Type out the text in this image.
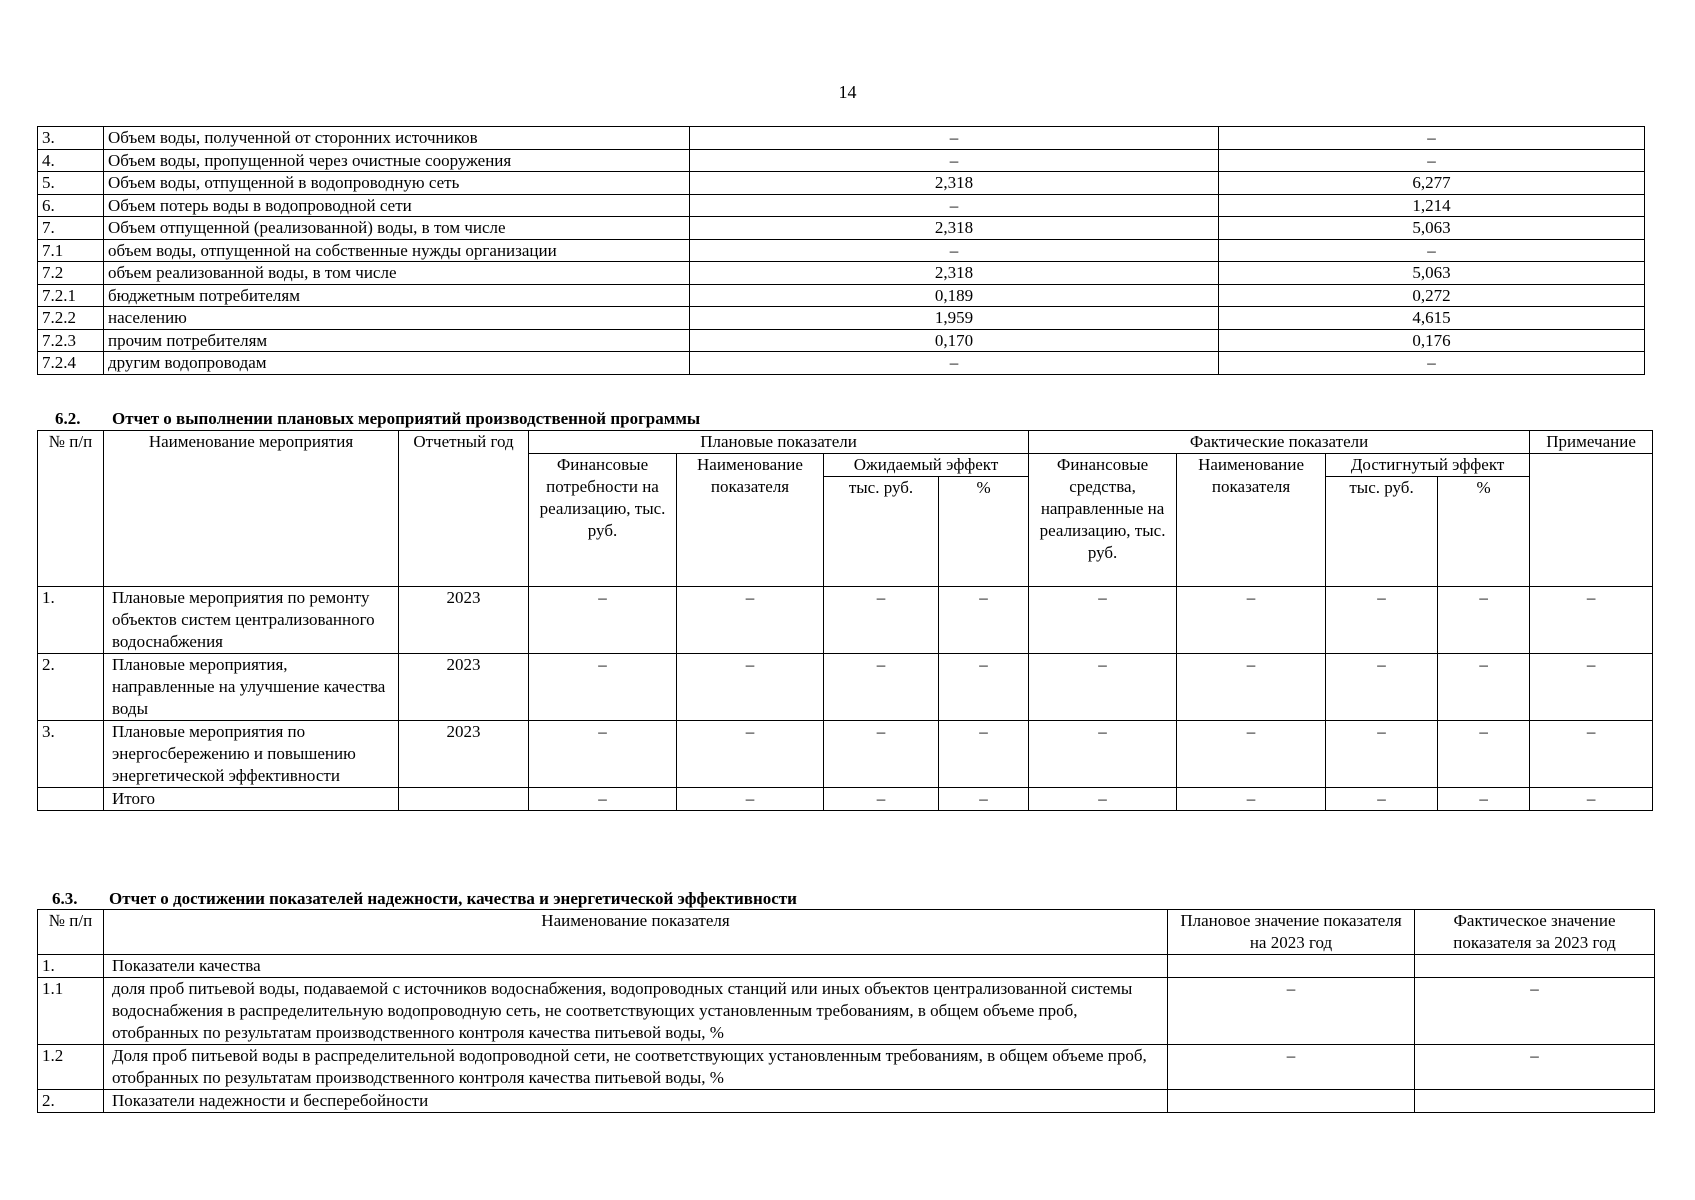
14
3.	Объем воды, полученной от сторонних источников	–	–
4.	Объем воды, пропущенной через очистные сооружения	–	–
5.	Объем воды, отпущенной в водопроводную сеть	2,318	6,277
6.	Объем потерь воды в водопроводной сети	–	1,214
7.	Объем отпущенной (реализованной) воды, в том числе	2,318	5,063
7.1	объем воды, отпущенной на собственные нужды организации	–	–
7.2	объем реализованной воды, в том числе	2,318	5,063
7.2.1	бюджетным потребителям	0,189	0,272
7.2.2	населению	1,959	4,615
7.2.3	прочим потребителям	0,170	0,176
7.2.4	другим водопроводам	–	–
6.2. Отчет о выполнении плановых мероприятий производственной программы
№ п/п	Наименование мероприятия	Отчетный год	Плановые показатели				Фактические показатели				Примечание
			Финансовые потребности на реализацию, тыс. руб.	Наименование показателя	Ожидаемый эффект		Финансовые средства, направленные на реализацию, тыс. руб.	Наименование показателя	Достигнутый эффект		
					тыс. руб.	%			тыс. руб.	%	
1.	Плановые мероприятия по ремонту объектов систем централизованного водоснабжения	2023	–	–	–	–	–	–	–	–	–
2.	Плановые мероприятия, направленные на улучшение качества воды	2023	–	–	–	–	–	–	–	–	–
3.	Плановые мероприятия по энергосбережению и повышению энергетической эффективности	2023	–	–	–	–	–	–	–	–	–
	Итого		–	–	–	–	–	–	–	–	–
6.3. Отчет о достижении показателей надежности, качества и энергетической эффективности
№ п/п	Наименование показателя	Плановое значение показателя на 2023 год	Фактическое значение показателя за 2023 год
1.	Показатели качества		
1.1	доля проб питьевой воды, подаваемой с источников водоснабжения, водопроводных станций или иных объектов централизованной системы водоснабжения в распределительную водопроводную сеть, не соответствующих установленным требованиям, в общем объеме проб, отобранных по результатам производственного контроля качества питьевой воды, %	–	–
1.2	Доля проб питьевой воды в распределительной водопроводной сети, не соответствующих установленным требованиям, в общем объеме проб, отобранных по результатам производственного контроля качества питьевой воды, %	–	–
2.	Показатели надежности и бесперебойности		
